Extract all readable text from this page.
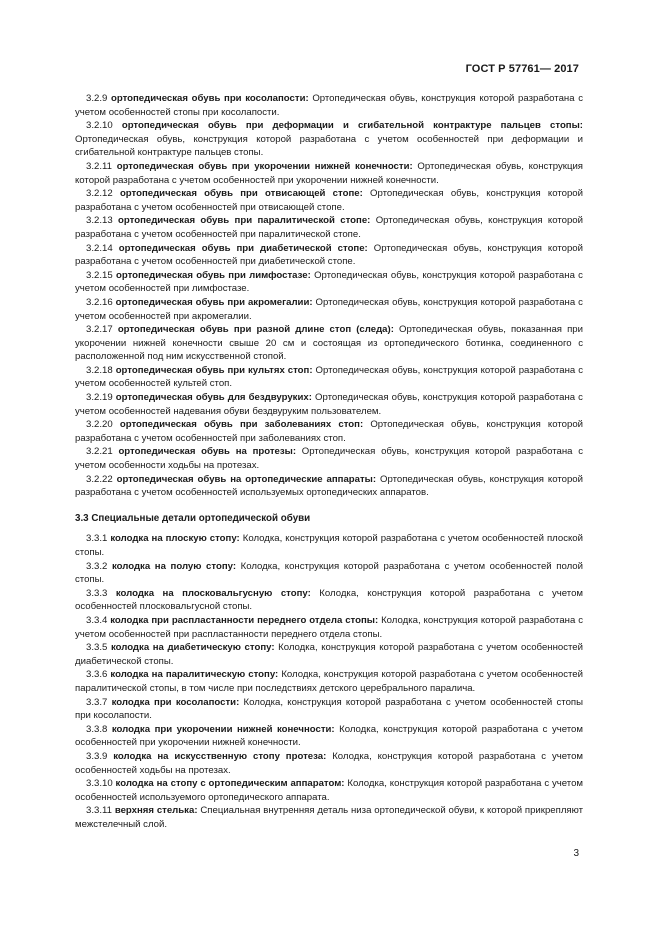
ГОСТ Р 57761— 2017

3.2.9 ортопедическая обувь при косолапости: Ортопедическая обувь, конструкция которой разработана с учетом особенностей стопы при косолапости.

3.2.10 ортопедическая обувь при деформации и сгибательной контрактуре пальцев стопы: Ортопедическая обувь, конструкция которой разработана с учетом особенностей при деформации и сгибательной контрактуре пальцев стопы.

3.2.11 ортопедическая обувь при укорочении нижней конечности: Ортопедическая обувь, конструкция которой разработана с учетом особенностей при укорочении нижней конечности.

3.2.12 ортопедическая обувь при отвисающей стопе: Ортопедическая обувь, конструкция которой разработана с учетом особенностей при отвисающей стопе.

3.2.13 ортопедическая обувь при паралитической стопе: Ортопедическая обувь, конструкция которой разработана с учетом особенностей при паралитической стопе.

3.2.14 ортопедическая обувь при диабетической стопе: Ортопедическая обувь, конструкция которой разработана с учетом особенностей при диабетической стопе.

3.2.15 ортопедическая обувь при лимфостазе: Ортопедическая обувь, конструкция которой разработана с учетом особенностей при лимфостазе.

3.2.16 ортопедическая обувь при акромегалии: Ортопедическая обувь, конструкция которой разработана с учетом особенностей при акромегалии.

3.2.17 ортопедическая обувь при разной длине стоп (следа): Ортопедическая обувь, показанная при укорочении нижней конечности свыше 20 см и состоящая из ортопедического ботинка, соединенного с расположенной под ним искусственной стопой.

3.2.18 ортопедическая обувь при культях стоп: Ортопедическая обувь, конструкция которой разработана с учетом особенностей культей стоп.

3.2.19 ортопедическая обувь для бездвуруких: Ортопедическая обувь, конструкция которой разработана с учетом особенностей надевания обуви бездвуруким пользователем.

3.2.20 ортопедическая обувь при заболеваниях стоп: Ортопедическая обувь, конструкция которой разработана с учетом особенностей при заболеваниях стоп.

3.2.21 ортопедическая обувь на протезы: Ортопедическая обувь, конструкция которой разработана с учетом особенности ходьбы на протезах.

3.2.22 ортопедическая обувь на ортопедические аппараты: Ортопедическая обувь, конструкция которой разработана с учетом особенностей используемых ортопедических аппаратов.

3.3 Специальные детали ортопедической обуви

3.3.1 колодка на плоскую стопу: Колодка, конструкция которой разработана с учетом особенностей плоской стопы.

3.3.2 колодка на полую стопу: Колодка, конструкция которой разработана с учетом особенностей полой стопы.

3.3.3 колодка на плосковальгусную стопу: Колодка, конструкция которой разработана с учетом особенностей плосковальгусной стопы.

3.3.4 колодка при распластанности переднего отдела стопы: Колодка, конструкция которой разработана с учетом особенностей при распластанности переднего отдела стопы.

3.3.5 колодка на диабетическую стопу: Колодка, конструкция которой разработана с учетом особенностей диабетической стопы.

3.3.6 колодка на паралитическую стопу: Колодка, конструкция которой разработана с учетом особенностей паралитической стопы, в том числе при последствиях детского церебрального паралича.

3.3.7 колодка при косолапости: Колодка, конструкция которой разработана с учетом особенностей стопы при косолапости.

3.3.8 колодка при укорочении нижней конечности: Колодка, конструкция которой разработана с учетом особенностей при укорочении нижней конечности.

3.3.9 колодка на искусственную стопу протеза: Колодка, конструкция которой разработана с учетом особенностей ходьбы на протезах.

3.3.10 колодка на стопу с ортопедическим аппаратом: Колодка, конструкция которой разработана с учетом особенностей используемого ортопедического аппарата.

3.3.11 верхняя стелька: Специальная внутренняя деталь низа ортопедической обуви, к которой прикрепляют межстелечный слой.

3
